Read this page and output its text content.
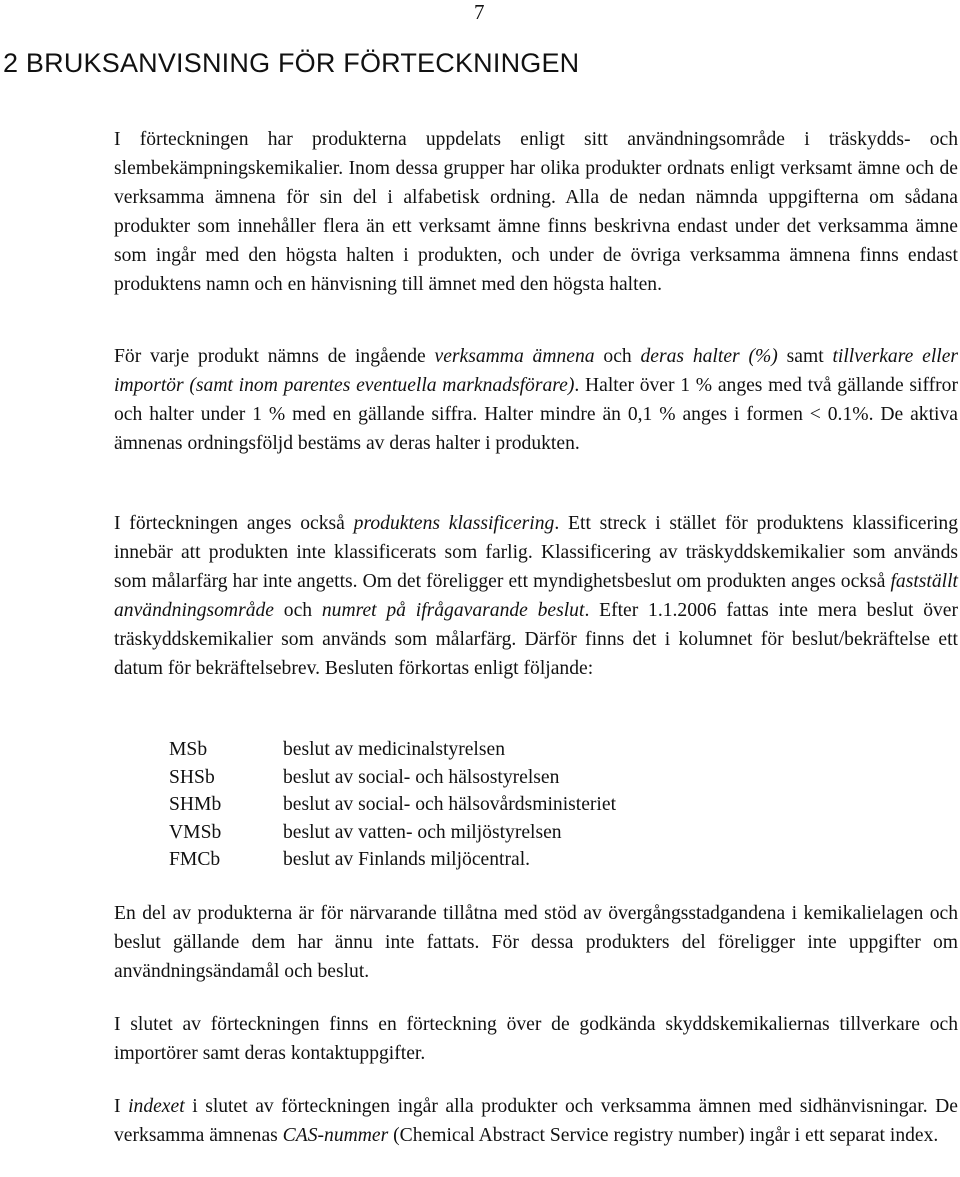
7
2 BRUKSANVISNING FÖR FÖRTECKNINGEN

I förteckningen har produkterna uppdelats enligt sitt användningsområde i träskydds- och slembekämpningskemikalier. Inom dessa grupper har olika produkter ordnats enligt verksamt ämne och de verksamma ämnena för sin del i alfabetisk ordning. Alla de nedan nämnda uppgifterna om sådana produkter som innehåller flera än ett verksamt ämne finns beskrivna endast under det verksamma ämne som ingår med den högsta halten i produkten, och under de övriga verksamma ämnena finns endast produktens namn och en hänvisning till ämnet med den högsta halten.

För varje produkt nämns de ingående verksamma ämnena och deras halter (%) samt tillverkare eller importör (samt inom parentes eventuella marknadsförare). Halter över 1 % anges med två gällande siffror och halter under 1 % med en gällande siffra. Halter mindre än 0,1 % anges i formen < 0.1%. De aktiva ämnenas ordningsföljd bestäms av deras halter i produkten.

I förteckningen anges också produktens klassificering. Ett streck i stället för produktens klassificering innebär att produkten inte klassificerats som farlig. Klassificering av träskyddskemikalier som används som målarfärg har inte angetts. Om det föreligger ett myndighetsbeslut om produkten anges också fastställt användningsområde och numret på ifrågavarande beslut. Efter 1.1.2006 fattas inte mera beslut över träskyddskemikalier som används som målarfärg. Därför finns det i kolumnet för beslut/bekräftelse ett datum för bekräftelsebrev. Besluten förkortas enligt följande:

MSb	beslut av medicinalstyrelsen
SHSb	beslut av social- och hälsostyrelsen
SHMb	beslut av social- och hälsovårdsministeriet
VMSb	beslut av vatten- och miljöstyrelsen
FMCb	beslut av Finlands miljöcentral.

En del av produkterna är för närvarande tillåtna med stöd av övergångsstadgandena i kemikalielagen och beslut gällande dem har ännu inte fattats. För dessa produkters del föreligger inte uppgifter om användningsändamål och beslut.

I slutet av förteckningen finns en förteckning över de godkända skyddskemikaliernas tillverkare och importörer samt deras kontaktuppgifter.

I indexet i slutet av förteckningen ingår alla produkter och verksamma ämnen med sidhänvisningar. De verksamma ämnenas CAS-nummer (Chemical Abstract Service registry number) ingår i ett separat index.
